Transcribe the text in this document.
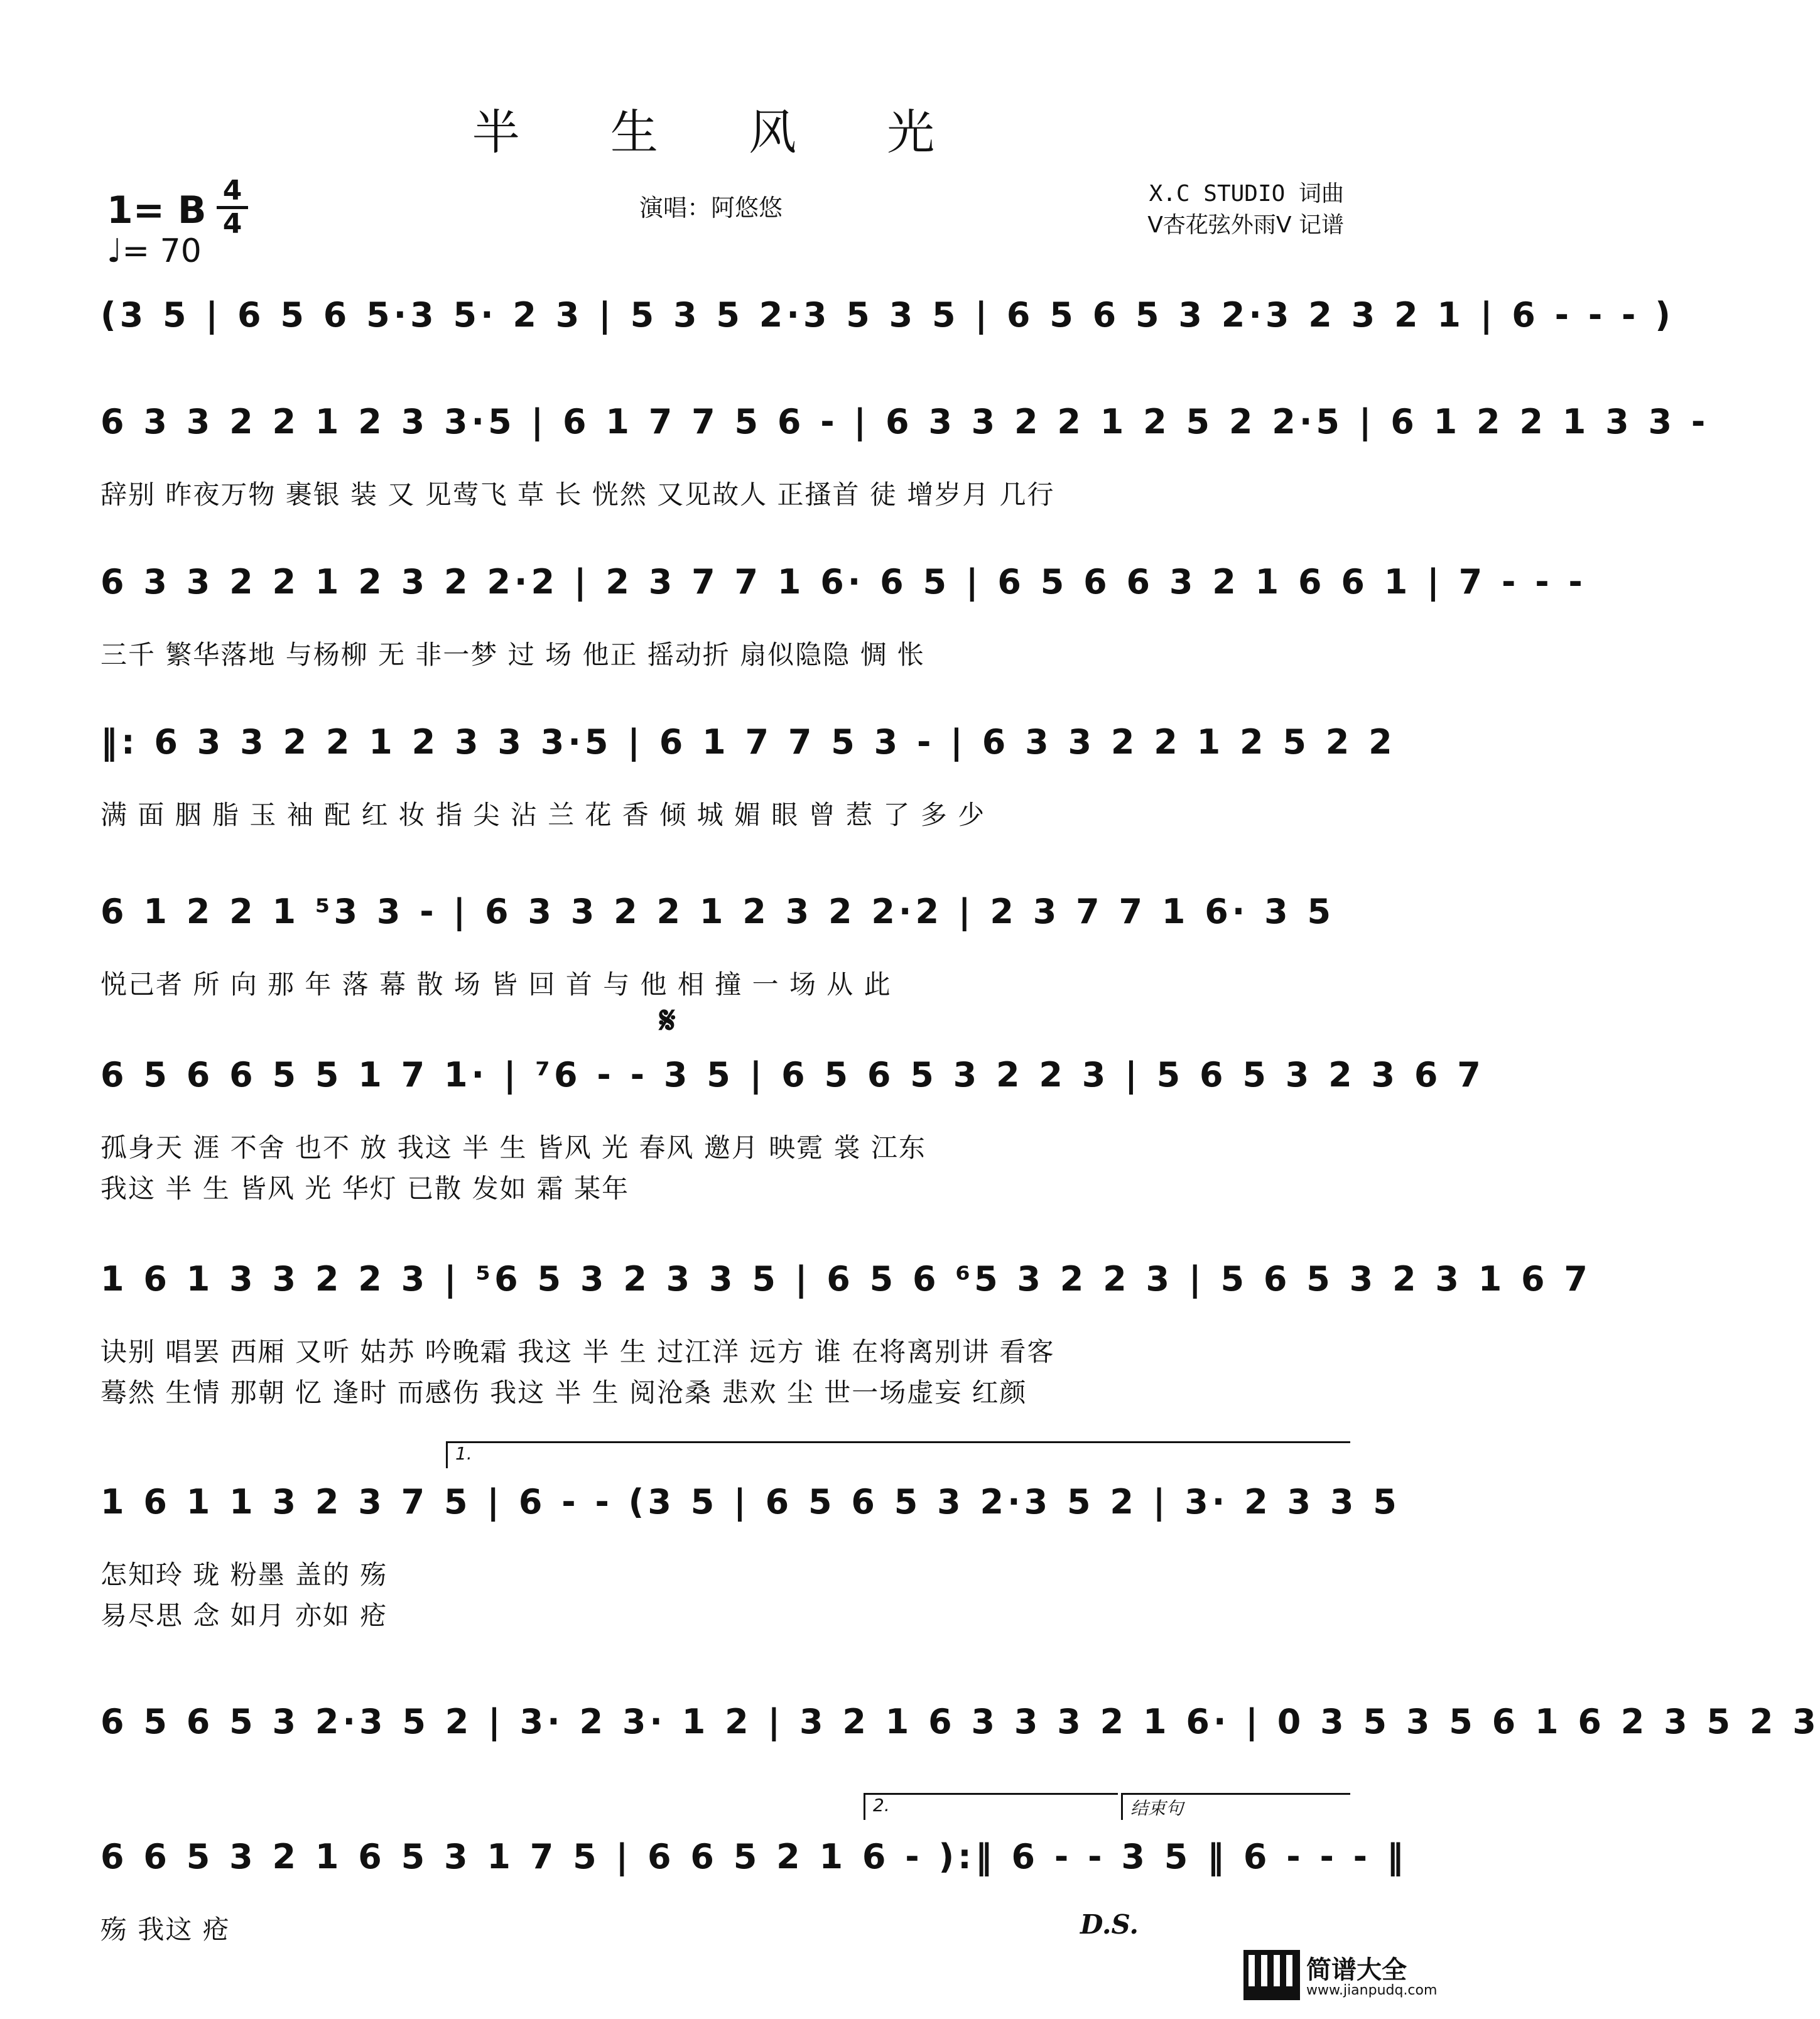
半 生 风 光
1= B 4
4
♩= 70
演唱：阿悠悠
X.C STUDIO 词曲
V杏花弦外雨V 记谱
(3 5 | 6 5 6 5·3 5· 2 3 | 5 3 5 2·3 5 3 5 | 6 5 6 5 3 2·3 2 3 2 1 | 6 - - - )
6 3 3 2 2 1 2 3 3·5 | 6 1 7 7 5 6 - | 6 3 3 2 2 1 2 5 2 2·5 | 6 1 2 2 1 3 3 -
辞别 昨夜万物 裹银 装 又 见莺飞 草 长 恍然 又见故人 正搔首 徒 增岁月 几行
6 3 3 2 2 1 2 3 2 2·2 | 2 3 7 7 1 6· 6 5 | 6 5 6 6 3 2 1 6 6 1 | 7 - - -
三千 繁华落地 与杨柳 无 非一梦 过 场 他正 摇动折 扇似隐隐 惆 怅
‖: 6 3 3 2 2 1 2 3 3 3·5 | 6 1 7 7 5 3 - | 6 3 3 2 2 1 2 5 2 2
满 面 胭 脂 玉 袖 配 红 妆 指 尖 沾 兰 花 香 倾 城 媚 眼 曾 惹 了 多 少
6 1 2 2 1 ⁵3 3 - | 6 3 3 2 2 1 2 3 2 2·2 | 2 3 7 7 1 6· 3 5
悦己者 所 向 那 年 落 幕 散 场 皆 回 首 与 他 相 撞 一 场 从 此
𝄋
6 5 6 6 5 5 1 7 1· | ⁷6 - - 3 5 | 6 5 6 5 3 2 2 3 | 5 6 5 3 2 3 6 7
孤身天 涯 不舍 也不 放 我这 半 生 皆风 光 春风 邀月 映霓 裳 江东
我这 半 生 皆风 光 华灯 已散 发如 霜 某年
1 6 1 3 3 2 2 3 | ⁵6 5 3 2 3 3 5 | 6 5 6 ⁶5 3 2 2 3 | 5 6 5 3 2 3 1 6 7
诀别 唱罢 西厢 又听 姑苏 吟晚霜 我这 半 生 过江洋 远方 谁 在将离别讲 看客
蓦然 生情 那朝 忆 逢时 而感伤 我这 半 生 阅沧桑 悲欢 尘 世一场虚妄 红颜
1.
1 6 1 1 3 2 3 7 5 | 6 - - (3 5 | 6 5 6 5 3 2·3 5 2 | 3· 2 3 3 5
怎知玲 珑 粉墨 盖的 殇
易尽思 念 如月 亦如 疮
6 5 6 5 3 2·3 5 2 | 3· 2 3· 1 2 | 3 2 1 6 3 3 3 2 1 6· | 0 3 5 3 5 6 1 6 2 3 5 2 3
2.	结束句
6 6 5 3 2 1 6 5 3 1 7 5 | 6 6 5 2 1 6 - ):‖ 6 - - 3 5 ‖ 6 - - - ‖
殇 我这 疮	D.S.
简谱大全
www.jianpudq.com
